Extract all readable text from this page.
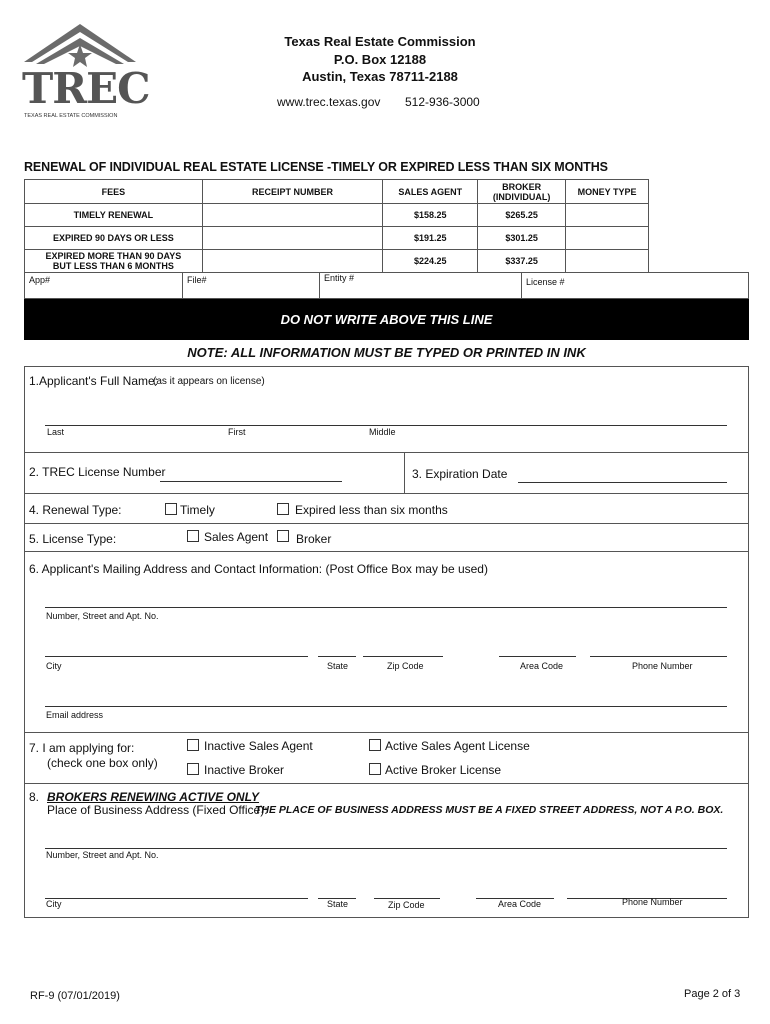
TREC
TEXAS REAL ESTATE COMMISSION
Texas Real Estate Commission
P.O. Box 12188
Austin, Texas 78711-2188
www.trec.texas.gov 512-936-3000
RENEWAL OF INDIVIDUAL REAL ESTATE LICENSE -TIMELY OR EXPIRED LESS THAN SIX MONTHS
FEES	RECEIPT NUMBER	SALES AGENT	BROKER (INDIVIDUAL)	MONEY TYPE
TIMELY RENEWAL		$158.25	$265.25	
EXPIRED 90 DAYS OR LESS		$191.25	$301.25	
EXPIRED MORE THAN 90 DAYS BUT LESS THAN 6 MONTHS		$224.25	$337.25	
App#	File#	Entity #	License #
DO NOT WRITE ABOVE THIS LINE
NOTE: ALL INFORMATION MUST BE TYPED OR PRINTED IN INK
1.Applicant's Full Name:
(as it appears on license)
Last	First	Middle
2. TREC License Number	3. Expiration Date
4. Renewal Type:	Timely	Expired less than six months
5. License Type:	Sales Agent Broker
6. Applicant's Mailing Address and Contact Information: (Post Office Box may be used)
Number, Street and Apt. No.
City	State	Zip Code	Area Code	Phone Number
Email address
7. I am applying for:
(check one box only)
Inactive Sales Agent	Active Sales Agent License
Inactive Broker	Active Broker License
8. BROKERS RENEWING ACTIVE ONLY
Place of Business Address (Fixed Office):
THE PLACE OF BUSINESS ADDRESS MUST BE A FIXED STREET ADDRESS, NOT A P.O. BOX.
Number, Street and Apt. No.
City	State	Zip Code	Area Code	Phone Number
RF-9 (07/01/2019)	Page 2 of 3
